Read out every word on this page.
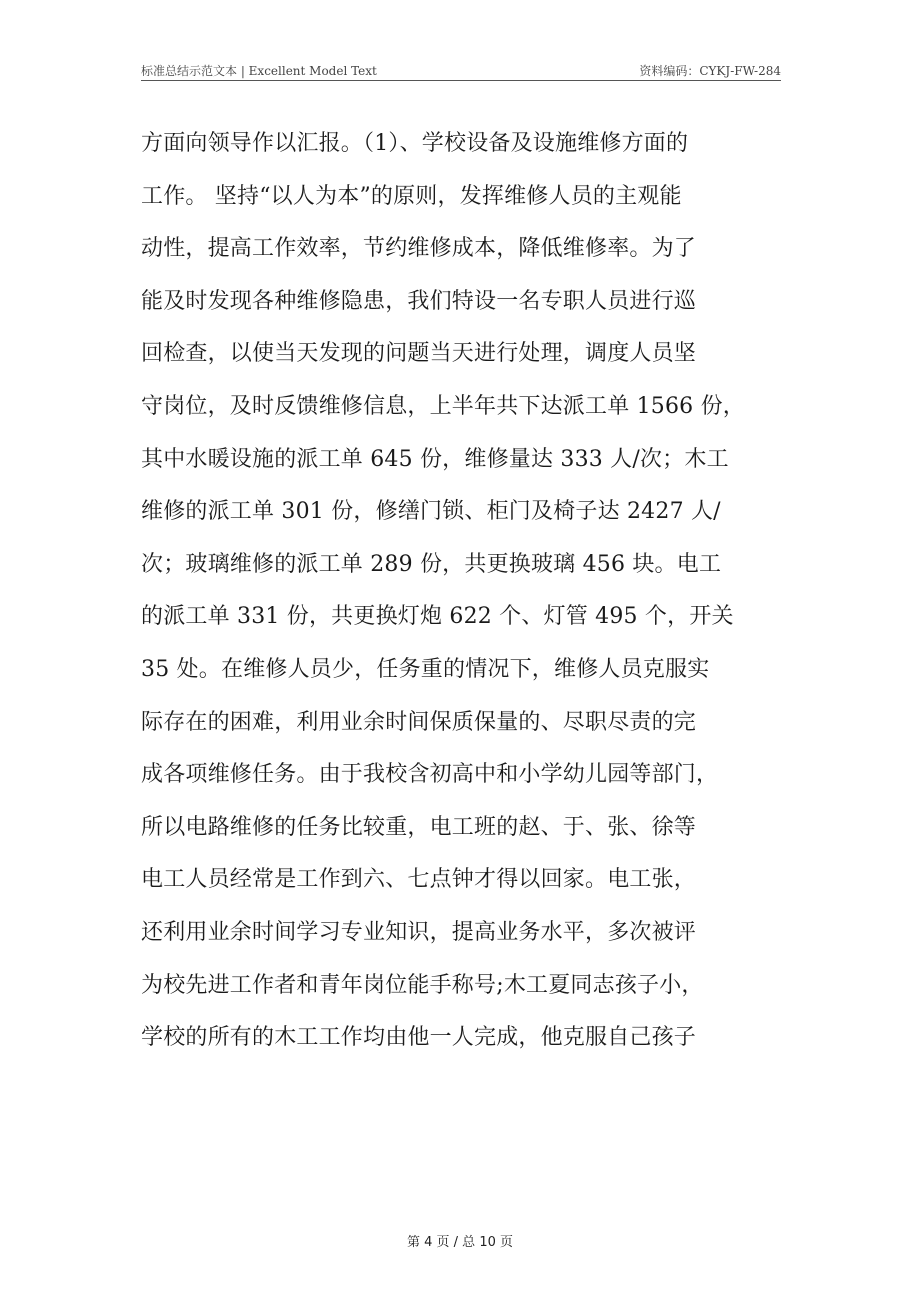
标准总结示范文本 | Excellent Model Text	资料编码：CYKJ-FW-284
方面向领导作以汇报。（1）、学校设备及设施维修方面的
工作。 坚持“以人为本”的原则，发挥维修人员的主观能
动性，提高工作效率，节约维修成本，降低维修率。为了
能及时发现各种维修隐患，我们特设一名专职人员进行巡
回检查，以使当天发现的问题当天进行处理，调度人员坚
守岗位，及时反馈维修信息，上半年共下达派工单 1566 份，
其中水暖设施的派工单 645 份，维修量达 333 人/次；木工
维修的派工单 301 份，修缮门锁、柜门及椅子达 2427 人/
次；玻璃维修的派工单 289 份，共更换玻璃 456 块。电工
的派工单 331 份，共更换灯炮 622 个、灯管 495 个，开关
35 处。在维修人员少，任务重的情况下，维修人员克服实
际存在的困难，利用业余时间保质保量的、尽职尽责的完
成各项维修任务。由于我校含初高中和小学幼儿园等部门，
所以电路维修的任务比较重，电工班的赵、于、张、徐等
电工人员经常是工作到六、七点钟才得以回家。电工张，
还利用业余时间学习专业知识，提高业务水平，多次被评
为校先进工作者和青年岗位能手称号;木工夏同志孩子小，
学校的所有的木工工作均由他一人完成，他克服自己孩子
第 4 页 / 总 10 页
